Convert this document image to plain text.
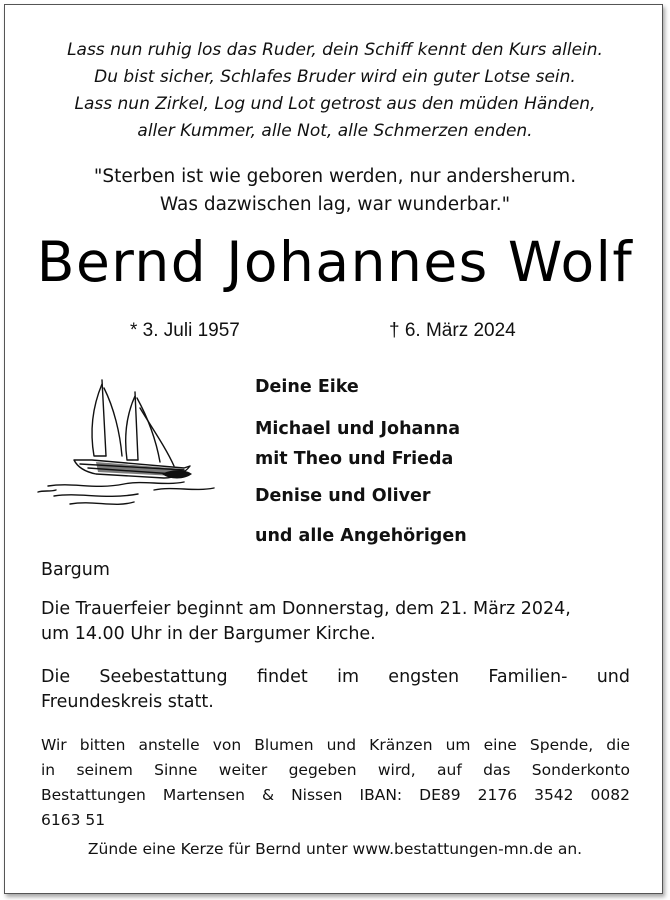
Lass nun ruhig los das Ruder, dein Schiff kennt den Kurs allein.
Du bist sicher, Schlafes Bruder wird ein guter Lotse sein.
Lass nun Zirkel, Log und Lot getrost aus den müden Händen,
aller Kummer, alle Not, alle Schmerzen enden.
"Sterben ist wie geboren werden, nur andersherum.
Was dazwischen lag, war wunderbar."
Bernd Johannes Wolf
* 3. Juli 1957	† 6. März 2024
Deine Eike
Michael und Johanna
mit Theo und Frieda
Denise und Oliver
und alle Angehörigen
Bargum
Die Trauerfeier beginnt am Donnerstag, dem 21. März 2024,
um 14.00 Uhr in der Bargumer Kirche.
Die Seebestattung findet im engsten Familien- und
Freundeskreis statt.
Wir bitten anstelle von Blumen und Kränzen um eine Spende, die
in seinem Sinne weiter gegeben wird, auf das Sonderkonto
Bestattungen Martensen & Nissen IBAN: DE89 2176 3542 0082
6163 51
Zünde eine Kerze für Bernd unter www.bestattungen-mn.de an.
